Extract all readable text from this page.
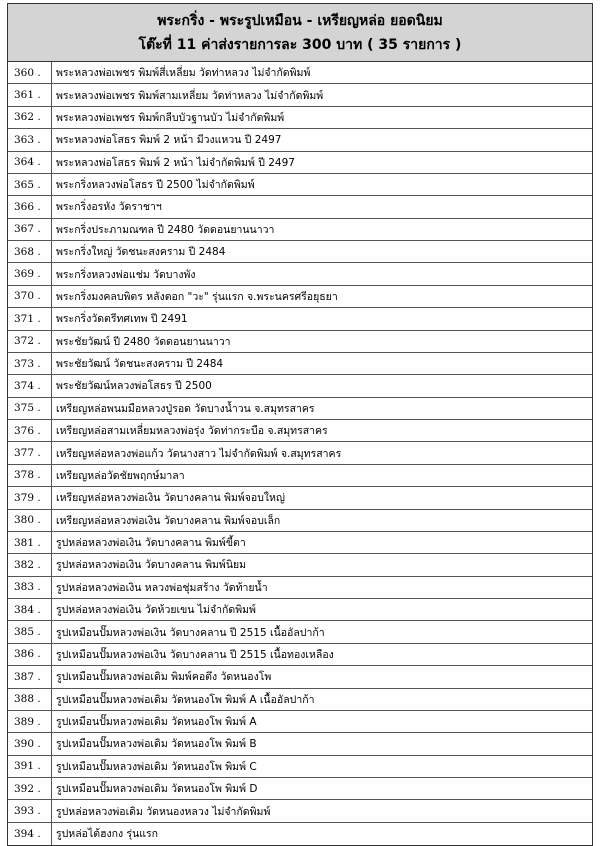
พระกริ่ง - พระรูปเหมือน - เหรียญหล่อ ยอดนิยม
โต๊ะที่ 11 ค่าส่งรายการละ 300 บาท ( 35 รายการ )
360 .	พระหลวงพ่อเพชร พิมพ์สี่เหลี่ยม วัดท่าหลวง ไม่จำกัดพิมพ์
361 .	พระหลวงพ่อเพชร พิมพ์สามเหลี่ยม วัดท่าหลวง ไม่จำกัดพิมพ์
362 .	พระหลวงพ่อเพชร พิมพ์กลีบบัวฐานบัว ไม่จำกัดพิมพ์
363 .	พระหลวงพ่อโสธร พิมพ์ 2 หน้า มีวงแหวน ปี 2497
364 .	พระหลวงพ่อโสธร พิมพ์ 2 หน้า ไม่จำกัดพิมพ์ ปี 2497
365 .	พระกริ่งหลวงพ่อโสธร ปี 2500 ไม่จำกัดพิมพ์
366 .	พระกริ่งอรหัง วัดราชาฯ
367 .	พระกริ่งประภามณฑล ปี 2480 วัดดอนยานนาวา
368 .	พระกริ่งใหญ่ วัดชนะสงคราม ปี 2484
369 .	พระกริ่งหลวงพ่อแช่ม วัดบางพัง
370 .	พระกริ่งมงคลบพิตร หลังตอก "วะ" รุ่นแรก จ.พระนครศรีอยุธยา
371 .	พระกริ่งวัดตรีทศเทพ ปี 2491
372 .	พระชัยวัฒน์ ปี 2480 วัดดอนยานนาวา
373 .	พระชัยวัฒน์ วัดชนะสงคราม ปี 2484
374 .	พระชัยวัฒน์หลวงพ่อโสธร ปี 2500
375 .	เหรียญหล่อพนมมือหลวงปู่รอด วัดบางน้ำวน จ.สมุทรสาคร
376 .	เหรียญหล่อสามเหลี่ยมหลวงพ่อรุ่ง วัดท่ากระบือ จ.สมุทรสาคร
377 .	เหรียญหล่อหลวงพ่อแก้ว วัดนางสาว ไม่จำกัดพิมพ์ จ.สมุทรสาคร
378 .	เหรียญหล่อวัดชัยพฤกษ์มาลา
379 .	เหรียญหล่อหลวงพ่อเงิน วัดบางคลาน พิมพ์จอบใหญ่
380 .	เหรียญหล่อหลวงพ่อเงิน วัดบางคลาน พิมพ์จอบเล็ก
381 .	รูปหล่อหลวงพ่อเงิน วัดบางคลาน พิมพ์ขี้ตา
382 .	รูปหล่อหลวงพ่อเงิน วัดบางคลาน พิมพ์นิยม
383 .	รูปหล่อหลวงพ่อเงิน หลวงพ่อชุ่มสร้าง วัดท้ายน้ำ
384 .	รูปหล่อหลวงพ่อเงิน วัดห้วยเขน ไม่จำกัดพิมพ์
385 .	รูปเหมือนปั๊มหลวงพ่อเงิน วัดบางคลาน ปี 2515 เนื้ออัลปาก้า
386 .	รูปเหมือนปั๊มหลวงพ่อเงิน วัดบางคลาน ปี 2515 เนื้อทองเหลือง
387 .	รูปเหมือนปั๊มหลวงพ่อเดิม พิมพ์คอตึง วัดหนองโพ
388 .	รูปเหมือนปั๊มหลวงพ่อเดิม วัดหนองโพ พิมพ์ A เนื้ออัลปาก้า
389 .	รูปเหมือนปั๊มหลวงพ่อเดิม วัดหนองโพ พิมพ์ A
390 .	รูปเหมือนปั๊มหลวงพ่อเดิม วัดหนองโพ พิมพ์ B
391 .	รูปเหมือนปั๊มหลวงพ่อเดิม วัดหนองโพ พิมพ์ C
392 .	รูปเหมือนปั๊มหลวงพ่อเดิม วัดหนองโพ พิมพ์ D
393 .	รูปหล่อหลวงพ่อเดิม วัดหนองหลวง ไม่จำกัดพิมพ์
394 .	รูปหล่อไต้ฮงกง รุ่นแรก
